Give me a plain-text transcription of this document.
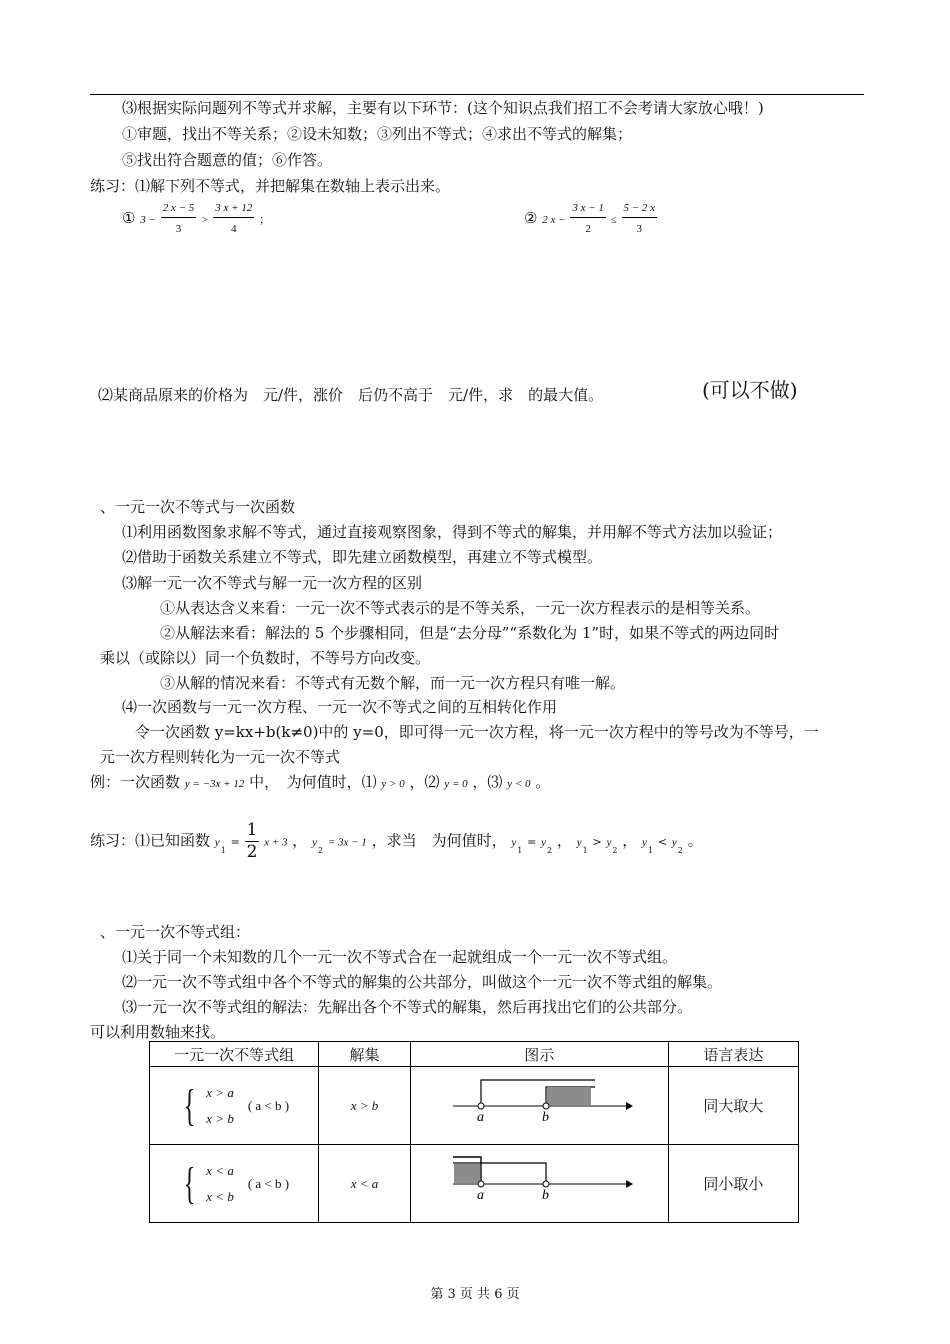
⑶根据实际问题列不等式并求解，主要有以下环节：(这个知识点我们招工不会考请大家放心哦！)
①审题，找出不等关系；②设未知数；③列出不等式；④求出不等式的解集；
⑤找出符合题意的值；⑥作答。
练习：⑴解下列不等式，并把解集在数轴上表示出来。
① $3 - \frac{2 x - 5}{3} > \frac{3 x + 12}{4}$ ；	② 2 $x - \frac{3 x - 1}{2} \le \frac{5 - 2 x}{3}$
⑵某商品原来的价格为　元/件，涨价　后仍不高于　元/件，求　的最大值。	(可以不做)
、一元一次不等式与一次函数
⑴利用函数图象求解不等式，通过直接观察图象，得到不等式的解集，并用解不等式方法加以验证；
⑵借助于函数关系建立不等式，即先建立函数模型，再建立不等式模型。
⑶解一元一次不等式与解一元一次方程的区别
①从表达含义来看：一元一次不等式表示的是不等关系，一元一次方程表示的是相等关系。
②从解法来看：解法的 5 个步骤相同，但是“去分母”“系数化为 1”时，如果不等式的两边同时
乘以（或除以）同一个负数时，不等号方向改变。
③从解的情况来看：不等式有无数个解，而一元一次方程只有唯一解。
⑷一次函数与一元一次方程、一元一次不等式之间的互相转化作用
令一次函数 y=kx+b(k≠0)中的 y=0，即可得一元一次方程，将一元一次方程中的等号改为不等号，一
元一次方程则转化为一元一次不等式
例：一次函数 y = −3x + 12 中，　为何值时，⑴ y > 0 ，⑵ y = 0 ，⑶ y < 0 。
练习：⑴已知函数 $y_1 = \frac{1}{2}$ x + 3 ， $y_2 = 3x - 1$ ，求当　为何值时， $y_1 = y_2$ ， $y_1 > y_2$ ， $y_1 < y_2$ 。
、一元一次不等式组：
⑴关于同一个未知数的几个一元一次不等式合在一起就组成一个一元一次不等式组。
⑵一元一次不等式组中各个不等式的解集的公共部分，叫做这个一元一次不等式组的解集。
⑶一元一次不等式组的解法：先解出各个不等式的解集，然后再找出它们的公共部分。
可以利用数轴来找。
一元一次不等式组	解集	图示	语言表达

{ x > a
x > b
( a < b )	x > b	a b	同大取大

{ x < a
x < b
( a < b )	x < a	a b	同小取小
第 3 页 共 6 页
